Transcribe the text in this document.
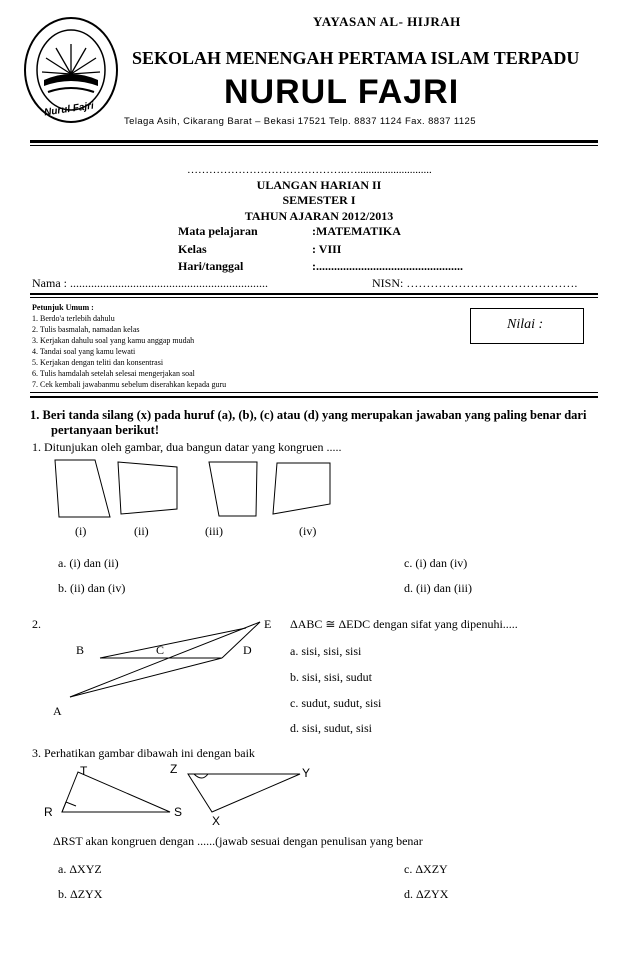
Nurul Fajri
YAYASAN AL- HIJRAH
SEKOLAH MENENGAH PERTAMA ISLAM TERPADU
NURUL FAJRI
Telaga Asih, Cikarang Barat – Bekasi 17521 Telp. 8837 1124 Fax. 8837 1125
……………………………………..…...........................
ULANGAN HARIAN II
SEMESTER I
TAHUN AJARAN 2012/2013
Mata pelajaran	:MATEMATIKA
Kelas	: VIII
Hari/tanggal	:.................................................
Nama : ..................................................................	NISN: …………………………………….
Petunjuk Umum :
1. Berdo'a terlebih dahulu
2. Tulis basmalah, namadan kelas
3. Kerjakan dahulu soal yang kamu anggap mudah
4. Tandai soal yang kamu lewati
5. Kerjakan dengan teliti dan konsentrasi
6. Tulis hamdalah setelah selesai mengerjakan soal
7. Cek kembali jawabanmu sebelum diserahkan kepada guru
Nilai :
1. Beri tanda silang (x) pada huruf (a), (b), (c) atau (d) yang merupakan jawaban yang paling benar dari
pertanyaan berikut!
1. Ditunjukan oleh gambar, dua bangun datar yang kongruen .....
(i)	(ii)	(iii)	(iv)
a. (i) dan (ii)	c. (i) dan (iv)
b. (ii) dan (iv)	d. (ii) dan (iii)
2.
B	C	D
E
A
ΔABC ≅ ΔEDC dengan sifat yang dipenuhi.....
a. sisi, sisi, sisi
b. sisi, sisi, sudut
c. sudut, sudut, sisi
d. sisi, sudut, sisi
3. Perhatikan gambar dibawah ini dengan baik
T	Z	Y
R	S
X
ΔRST akan kongruen dengan ......(jawab sesuai dengan penulisan yang benar
a. ΔXYZ	c. ΔXZY
b. ΔZYX	d. ΔZYX
